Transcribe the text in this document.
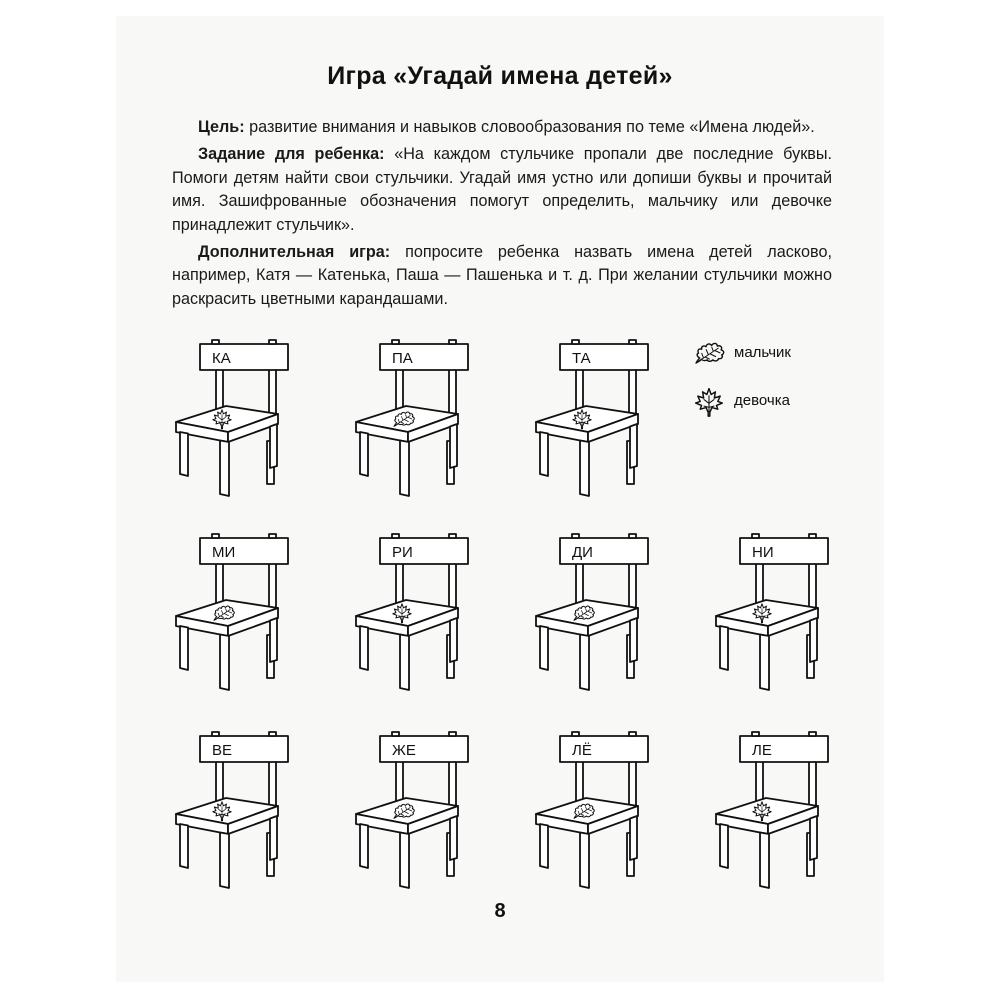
Игра «Угадай имена детей»

Цель: развитие внимания и навыков словообразования по теме «Имена людей».

Задание для ребенка: «На каждом стульчике пропали две последние буквы. Помоги детям найти свои стульчики. Угадай имя устно или допиши буквы и прочитай имя. Зашифрованные обозначения помогут определить, мальчику или девочке принадлежит стульчик».

Дополнительная игра: попросите ребенка назвать имена детей ласково, например, Катя — Катенька, Паша — Пашенька и т. д. При желании стульчики можно раскрасить цветными карандашами.

КА	ПА	ТА
МИ	РИ	ДИ	НИ
ВЕ	ЖЕ	ЛЁ	ЛЕ
мальчик
девочка
8
